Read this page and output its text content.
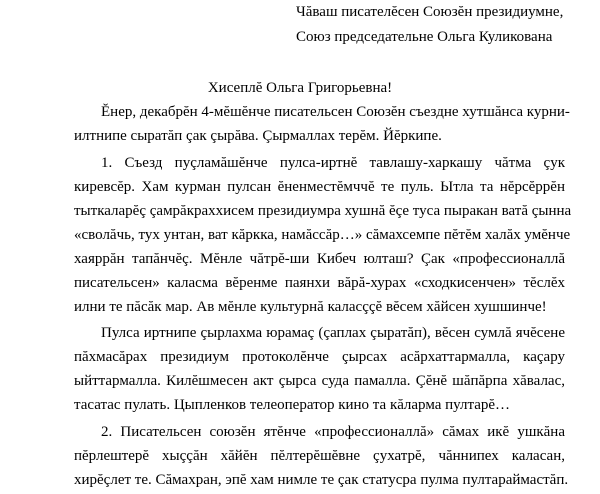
Чăваш писателĕсен Союзĕн президиумне,
Союз председательне Ольга Куликована
Хисеплĕ Ольга Григорьевна!
Ĕнер, декабрĕн 4-мĕшĕнче писательсен Союзĕн съездне хутшăнса курни-
илтнипе сыратăп çак çырăва. Çырмаллах терĕм. Йĕркипе.
1. Съезд пуçламăшĕнче пулса-иртнĕ тавлашу-харкашу чăтма çук
киревсĕр. Хам курман пулсан ĕненместĕмччĕ те пуль. Ытла та нĕрсĕррĕн
тыткаларĕç çамрăкраххисем президиумра хушнă ĕçе туса пыракан ватă çынна
«сволăчь, тух унтан, ват кăркка, намăссăр…» сăмахсемпе пĕтĕм халăх умĕнче
хаяррăн тапăнчĕç. Мĕнле чăтрĕ-ши Кибеч юлташ? Çак «профессионаллă
писательсен» каласма вĕренме паянхи вăрă-хурах «сходкисенчен» тĕслĕх
илни те пăсăк мар. Ав мĕнле культурнă каласççĕ вĕсем хăйсен хушшинче!
Пулса иртнипе çырлахма юрамаç (çаплах çыратăп), вĕсен сумлă ячĕсене
пăхмасăрах президиум протоколĕнче çырсах асăрхаттармалла, каçару
ыйттармалла. Килĕшмесен акт çырса суда памалла. Çĕнĕ шăпăрпа хăвалас,
тасатас пулать. Цыпленков телеоператор кино та кăларма пултарĕ…
2. Писательсен союзĕн ятĕнче «профессионаллă» сăмах икĕ ушкăна
пĕрлештерĕ хыççăн хăйĕн пĕлтерĕшĕвне çухатрĕ, чăннипех каласан,
хирĕçлет те. Сăмахран, эпĕ хам нимле те çак статусра пулма пултараймастăп.
